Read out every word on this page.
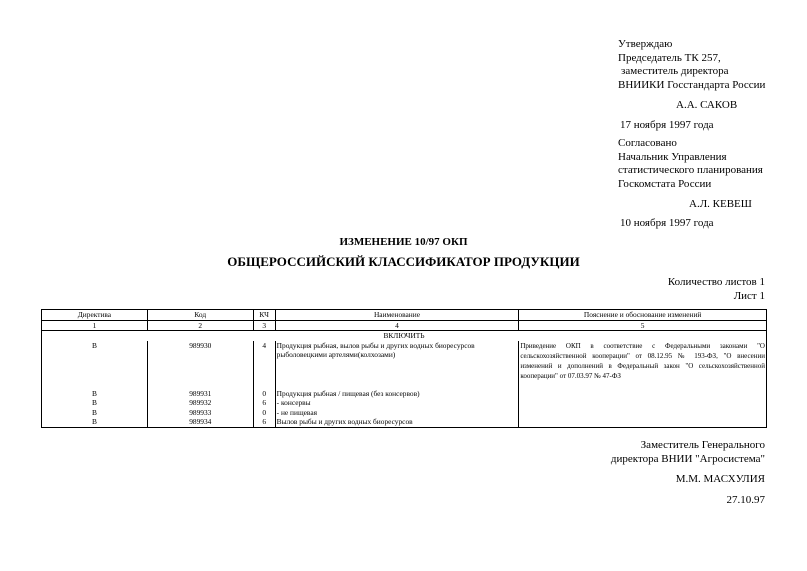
Утверждаю
Председатель ТК 257,
заместитель директора
ВНИИКИ Госстандарта России
А.А. САКОВ
17 ноября 1997 года
Согласовано
Начальник Управления
статистического планирования
Госкомстата России
А.Л. КЕВЕШ
10 ноября 1997 года
ИЗМЕНЕНИЕ 10/97 ОКП
ОБЩЕРОССИЙСКИЙ КЛАССИФИКАТОР ПРОДУКЦИИ
Количество листов 1
Лист 1
Директива	Код	КЧ	Наименование	Пояснение и обоснование изменений
1	2	3	4	5
ВКЛЮЧИТЬ				
В	989930	4	Продукция рыбная, вылов рыбы и других водных биоресурсов рыболовецкими артелями(колхозами)	Приведение ОКП в соответствие с Федеральными законами "О сельскохозяйственной кооперации" от 08.12.95 № 193-ФЗ, "О внесении изменений и дополнений в Федеральный закон "О сельскохозяйственной кооперации" от 07.03.97 № 47-ФЗ
В	989931	0	Продукция рыбная / пищевая (без консервов)	
В	989932	6	- консервы	
В	989933	0	- не пищевая	
В	989934	6	Вылов рыбы и других водных биоресурсов	
Заместитель Генерального
директора ВНИИ "Агросистема"
М.М. МАСХУЛИЯ
27.10.97
